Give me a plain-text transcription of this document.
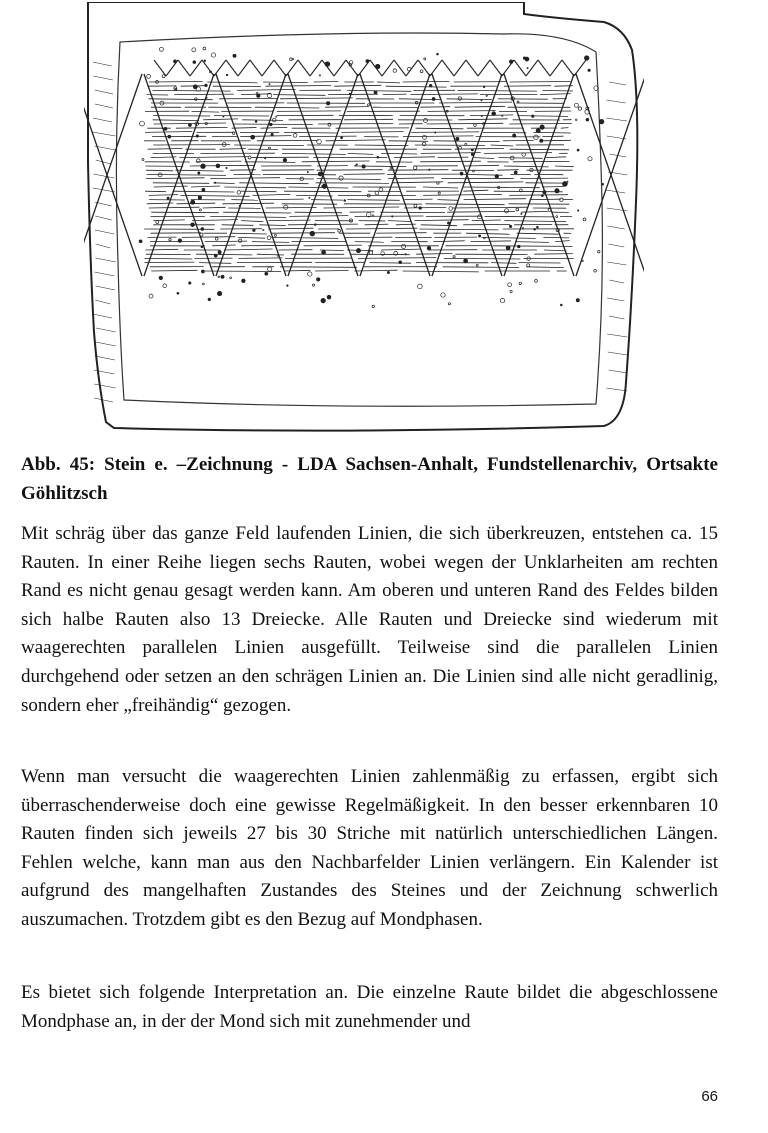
Abb. 45: Stein e. –Zeichnung - LDA Sachsen-Anhalt, Fundstellenarchiv, Ortsakte Göhlitzsch

Mit schräg über das ganze Feld laufenden Linien, die sich überkreuzen, entstehen ca. 15 Rauten. In einer Reihe liegen sechs Rauten, wobei wegen der Unklarheiten am rechten Rand es nicht genau gesagt werden kann. Am oberen und unteren Rand des Feldes bilden sich halbe Rauten also 13 Dreiecke. Alle Rauten und Dreiecke sind wiederum mit waagerechten parallelen Linien ausgefüllt. Teilweise sind die parallelen Linien durchgehend oder setzen an den schrägen Linien an. Die Linien sind alle nicht geradlinig, sondern eher „freihändig“ gezogen.

Wenn man versucht die waagerechten Linien zahlenmäßig zu erfassen, ergibt sich überraschenderweise doch eine gewisse Regelmäßigkeit. In den besser erkennbaren 10 Rauten finden sich jeweils 27 bis 30 Striche mit natürlich unterschiedlichen Längen. Fehlen welche, kann man aus den Nachbarfelder Linien verlängern. Ein Kalender ist aufgrund des mangelhaften Zustandes des Steines und der Zeichnung schwerlich auszumachen. Trotzdem gibt es den Bezug auf Mondphasen.

Es bietet sich folgende Interpretation an. Die einzelne Raute bildet die abgeschlossene Mondphase an, in der der Mond sich mit zunehmender und

66
